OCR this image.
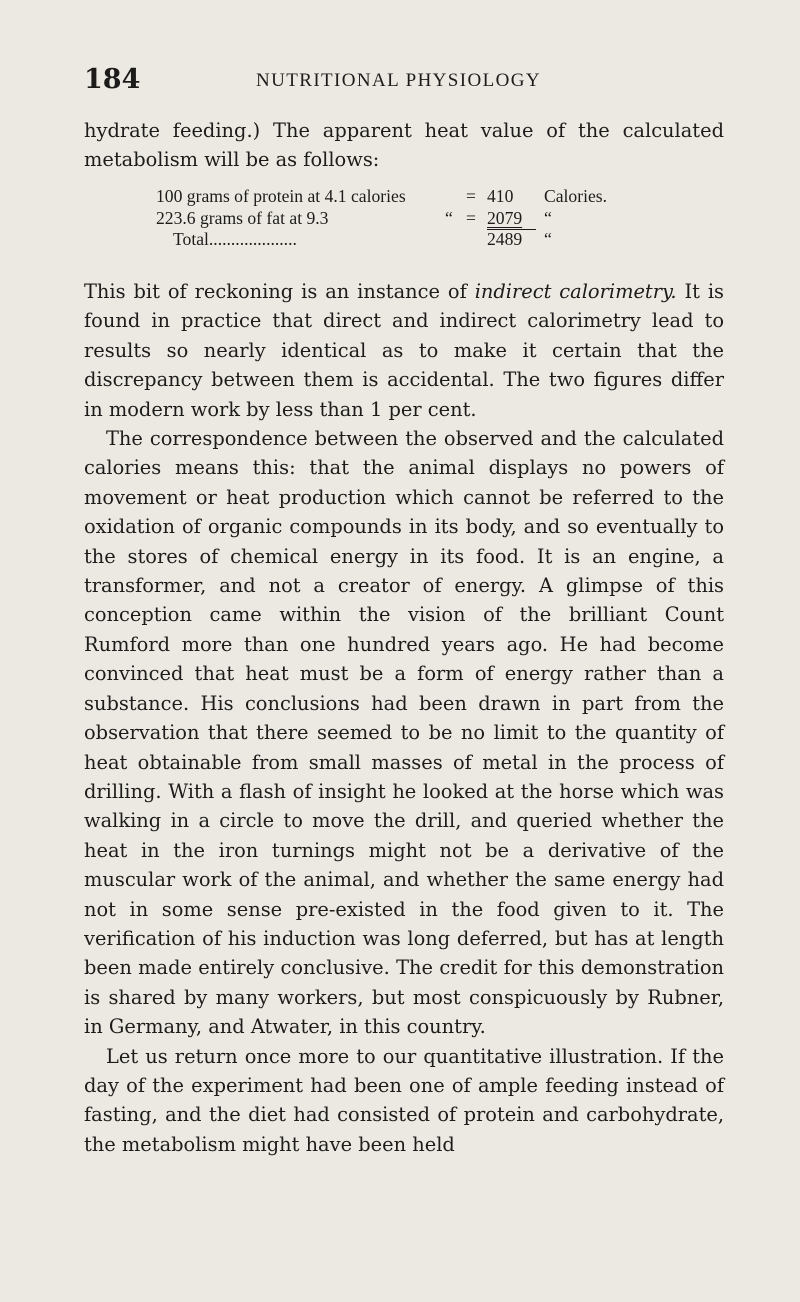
184	NUTRITIONAL PHYSIOLOGY

hydrate feeding.) The apparent heat value of the calculated metabolism will be as follows:

100 grams of protein at 4.1 calories	= 410	Calories.
223.6 grams of fat at 9.3	“ = 2079	“
Total....................	2489	“

This bit of reckoning is an instance of indirect calorimetry. It is found in practice that direct and indirect calorimetry lead to results so nearly identical as to make it certain that the discrepancy between them is accidental. The two figures differ in modern work by less than 1 per cent.

The correspondence between the observed and the calculated calories means this: that the animal displays no powers of movement or heat production which cannot be referred to the oxidation of organic compounds in its body, and so eventually to the stores of chemical energy in its food. It is an engine, a transformer, and not a creator of energy. A glimpse of this conception came within the vision of the brilliant Count Rumford more than one hundred years ago. He had become convinced that heat must be a form of energy rather than a substance. His conclusions had been drawn in part from the observation that there seemed to be no limit to the quantity of heat obtainable from small masses of metal in the process of drilling. With a flash of insight he looked at the horse which was walking in a circle to move the drill, and queried whether the heat in the iron turnings might not be a derivative of the muscular work of the animal, and whether the same energy had not in some sense pre-existed in the food given to it. The verification of his induction was long deferred, but has at length been made entirely conclusive. The credit for this demonstration is shared by many workers, but most conspicuously by Rubner, in Germany, and Atwater, in this country.

Let us return once more to our quantitative illustration. If the day of the experiment had been one of ample feeding instead of fasting, and the diet had consisted of protein and carbohydrate, the metabolism might have been held
